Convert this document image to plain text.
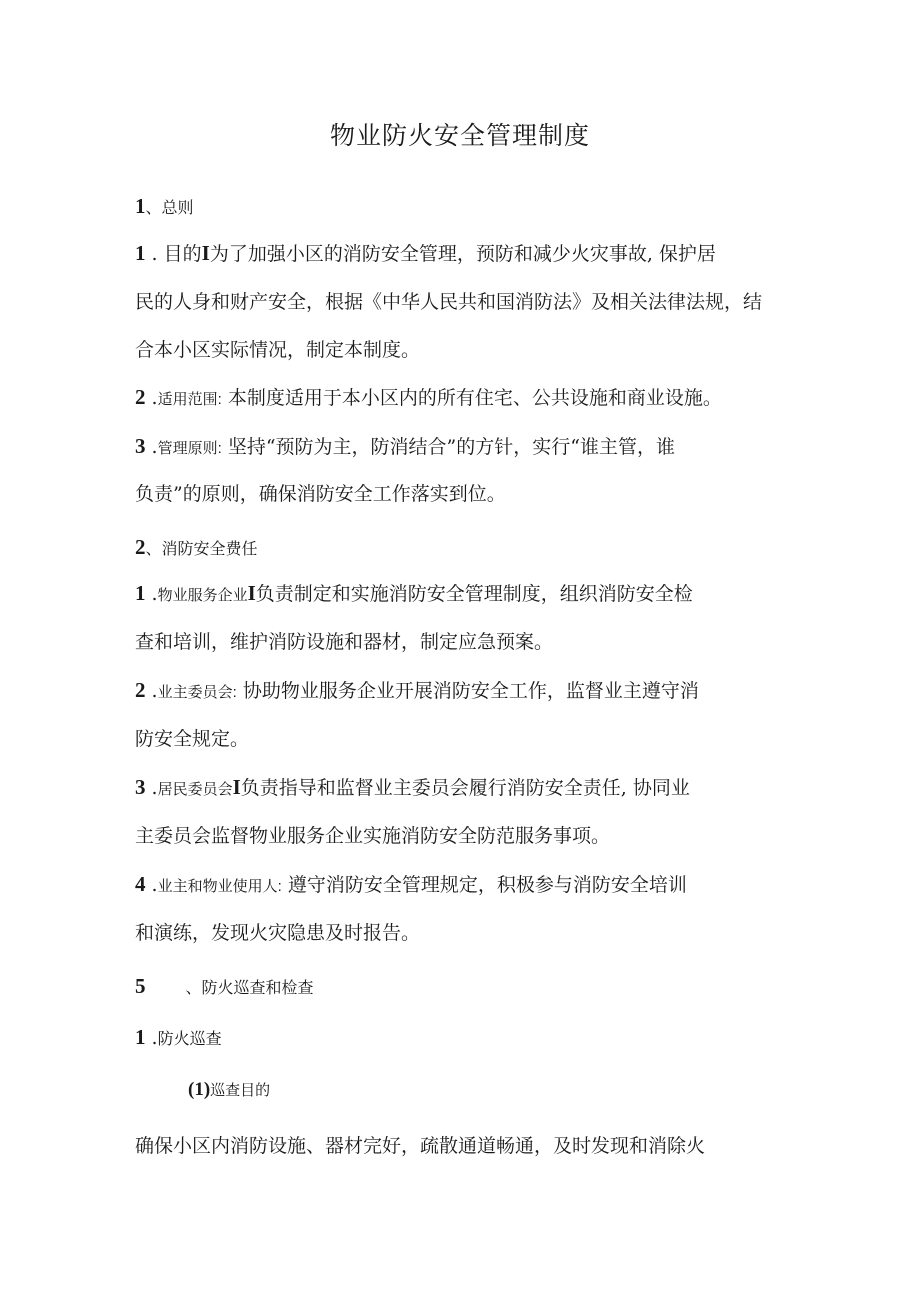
物业防火安全管理制度
1、总则
1 . 目的I为了加强小区的消防安全管理，预防和减少火灾事故, 保护居
民的人身和财产安全，根据《中华人民共和国消防法》及相关法律法规，结
合本小区实际情况，制定本制度。
2 .适用范围: 本制度适用于本小区内的所有住宅、公共设施和商业设施。
3 .管理原则: 坚持“预防为主，防消结合”的方针，实行“谁主管，谁
负责”的原则，确保消防安全工作落实到位。
2、消防安全费任
1 .物业服务企业I负责制定和实施消防安全管理制度，组织消防安全检
查和培训，维护消防设施和器材，制定应急预案。
2 .业主委员会: 协助物业服务企业开展消防安全工作，监督业主遵守消
防安全规定。
3 .居民委员会I负责指导和监督业主委员会履行消防安全责任, 协同业
主委员会监督物业服务企业实施消防安全防范服务事项。
4 .业主和物业使用人: 遵守消防安全管理规定，积极参与消防安全培训
和演练，发现火灾隐患及时报告。
5	、防火巡查和检查
1 .防火巡查
(1)巡查目的
确保小区内消防设施、器材完好，疏散通道畅通，及时发现和消除火
